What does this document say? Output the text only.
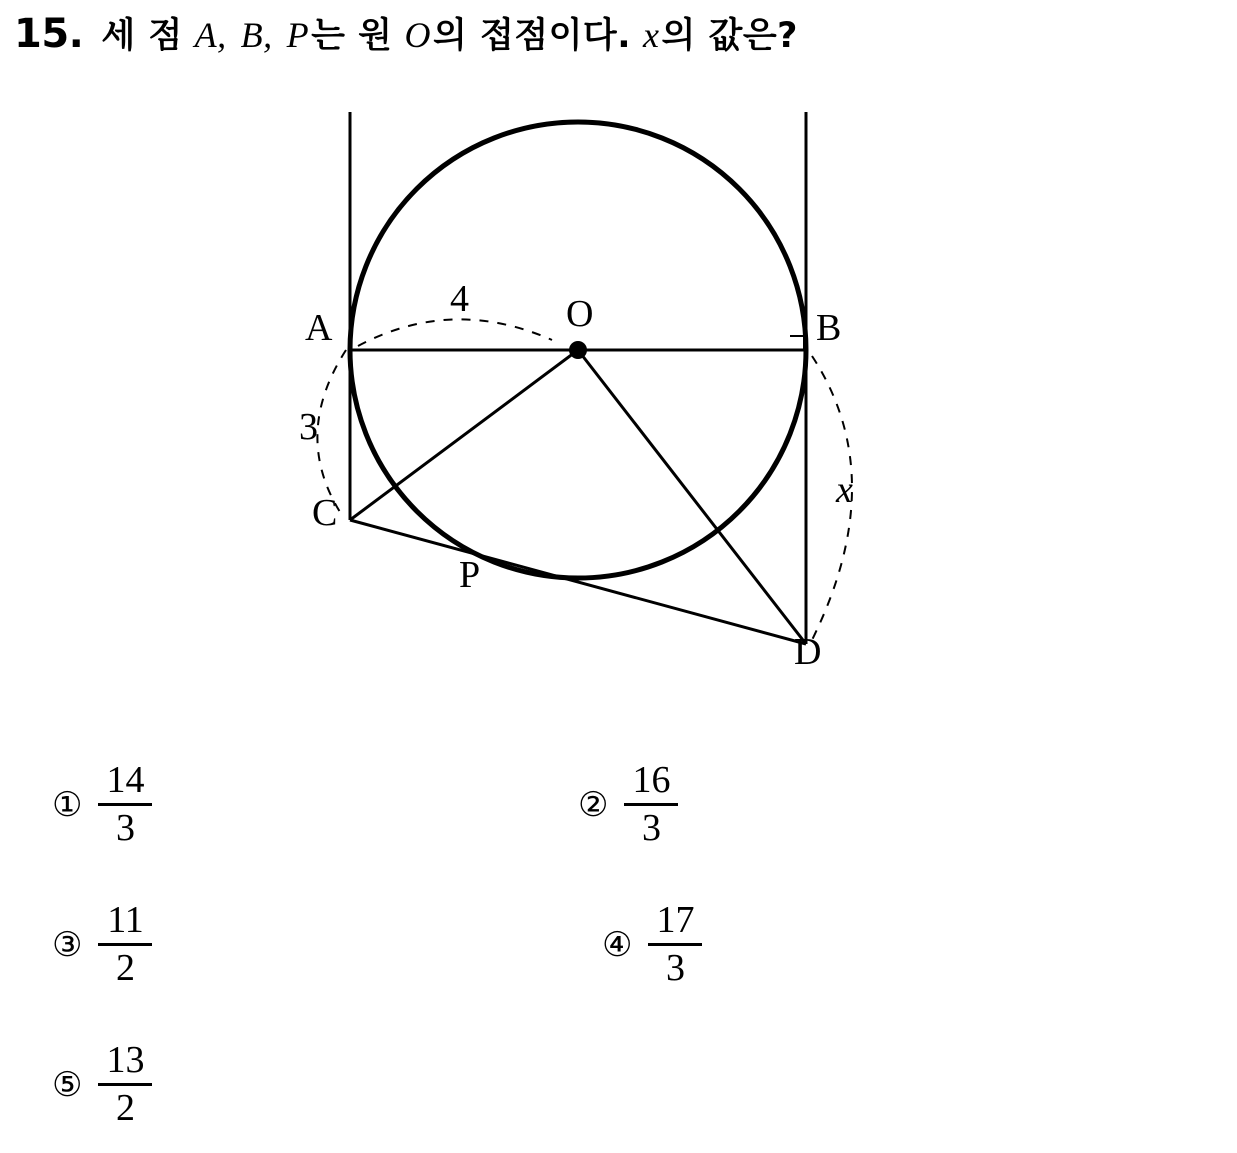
15. 세 점 A, B, P는 원 O의 접점이다. x의 값은?
A	B
C
D
O
P
4
3
x
① $\frac{14}{3}$	② $\frac{16}{3}$
③ $\frac{11}{2}$	④ $\frac{17}{3}$
⑤ $\frac{13}{2}$
